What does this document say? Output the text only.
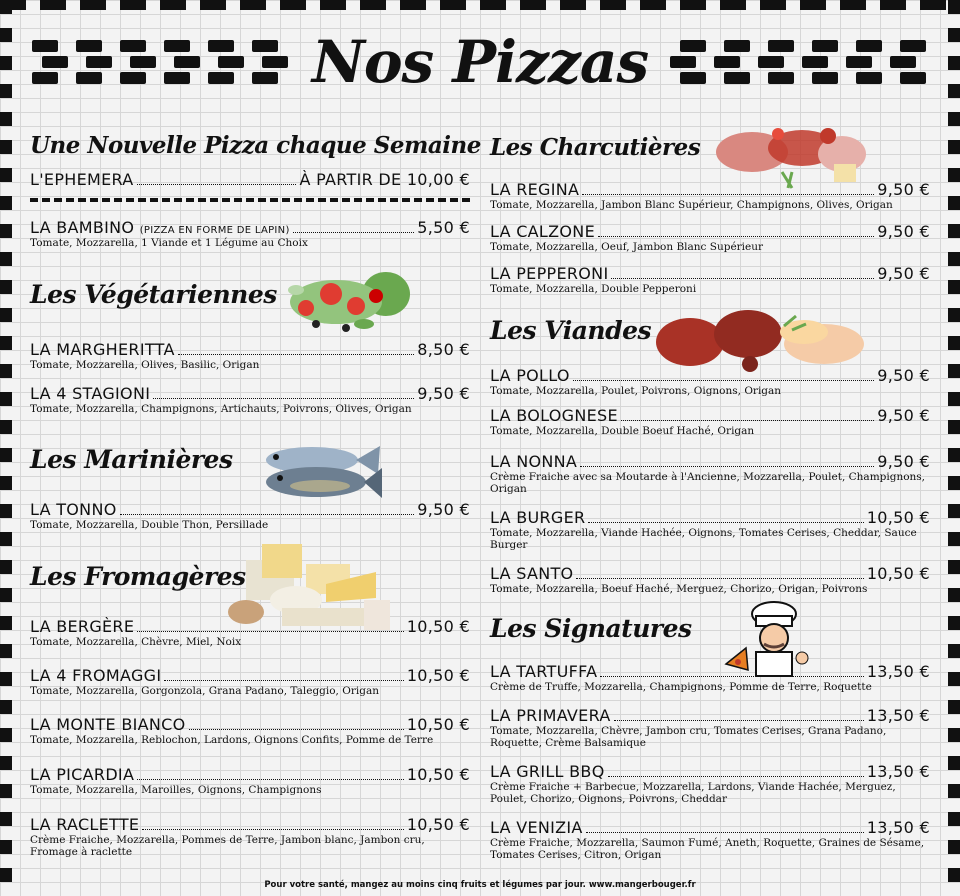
Nos Pizzas
Une Nouvelle Pizza chaque Semaine
L'EPHEMERA	À PARTIR DE 10,00 €
LA BAMBINO
(PIZZA EN FORME DE LAPIN)	5,50 €
Tomate, Mozzarella, 1 Viande et 1 Légume au Choix
Les Végétariennes
LA MARGHERITTA	8,50 €
Tomate, Mozzarella, Olives, Basilic, Origan
LA 4 STAGIONI	9,50 €
Tomate, Mozzarella, Champignons, Artichauts, Poivrons, Olives, Origan
Les Marinières
LA TONNO	9,50 €
Tomate, Mozzarella, Double Thon, Persillade
Les Fromagères
LA BERGÈRE	10,50 €
Tomate, Mozzarella, Chèvre, Miel, Noix
LA 4 FROMAGGI	10,50 €
Tomate, Mozzarella, Gorgonzola, Grana Padano, Taleggio, Origan
LA MONTE BIANCO	10,50 €
Tomate, Mozzarella, Reblochon, Lardons, Oignons Confits, Pomme de Terre
LA PICARDIA	10,50 €
Tomate, Mozzarella, Maroilles, Oignons, Champignons
LA RACLETTE	10,50 €
Crème Fraiche, Mozzarella, Pommes de Terre, Jambon blanc, Jambon cru, Fromage à raclette
Les Charcutières
LA REGINA	9,50 €
Tomate, Mozzarella, Jambon Blanc Supérieur, Champignons, Olives, Origan
LA CALZONE	9,50 €
Tomate, Mozzarella, Oeuf, Jambon Blanc Supérieur
LA PEPPERONI	9,50 €
Tomate, Mozzarella, Double Pepperoni
Les Viandes
LA POLLO	9,50 €
Tomate, Mozzarella, Poulet, Poivrons, Oignons, Origan
LA BOLOGNESE	9,50 €
Tomate, Mozzarella, Double Boeuf Haché, Origan
LA NONNA	9,50 €
Crème Fraiche avec sa Moutarde à l'Ancienne, Mozzarella, Poulet, Champignons, Origan
LA BURGER	10,50 €
Tomate, Mozzarella, Viande Hachée, Oignons, Tomates Cerises, Cheddar, Sauce Burger
LA SANTO	10,50 €
Tomate, Mozzarella, Boeuf Haché, Merguez, Chorizo, Origan, Poivrons
Les Signatures
LA TARTUFFA	13,50 €
Crème de Truffe, Mozzarella, Champignons, Pomme de Terre, Roquette
LA PRIMAVERA	13,50 €
Tomate, Mozzarella, Chèvre, Jambon cru, Tomates Cerises, Grana Padano, Roquette, Crème Balsamique
LA GRILL BBQ	13,50 €
Crème Fraiche + Barbecue, Mozzarella, Lardons, Viande Hachée, Merguez, Poulet, Chorizo, Oignons, Poivrons, Cheddar
LA VENIZIA	13,50 €
Crème Fraiche, Mozzarella, Saumon Fumé, Aneth, Roquette, Graines de Sésame, Tomates Cerises, Citron, Origan
Pour votre santé, mangez au moins cinq fruits et légumes par jour. www.mangerbouger.fr
